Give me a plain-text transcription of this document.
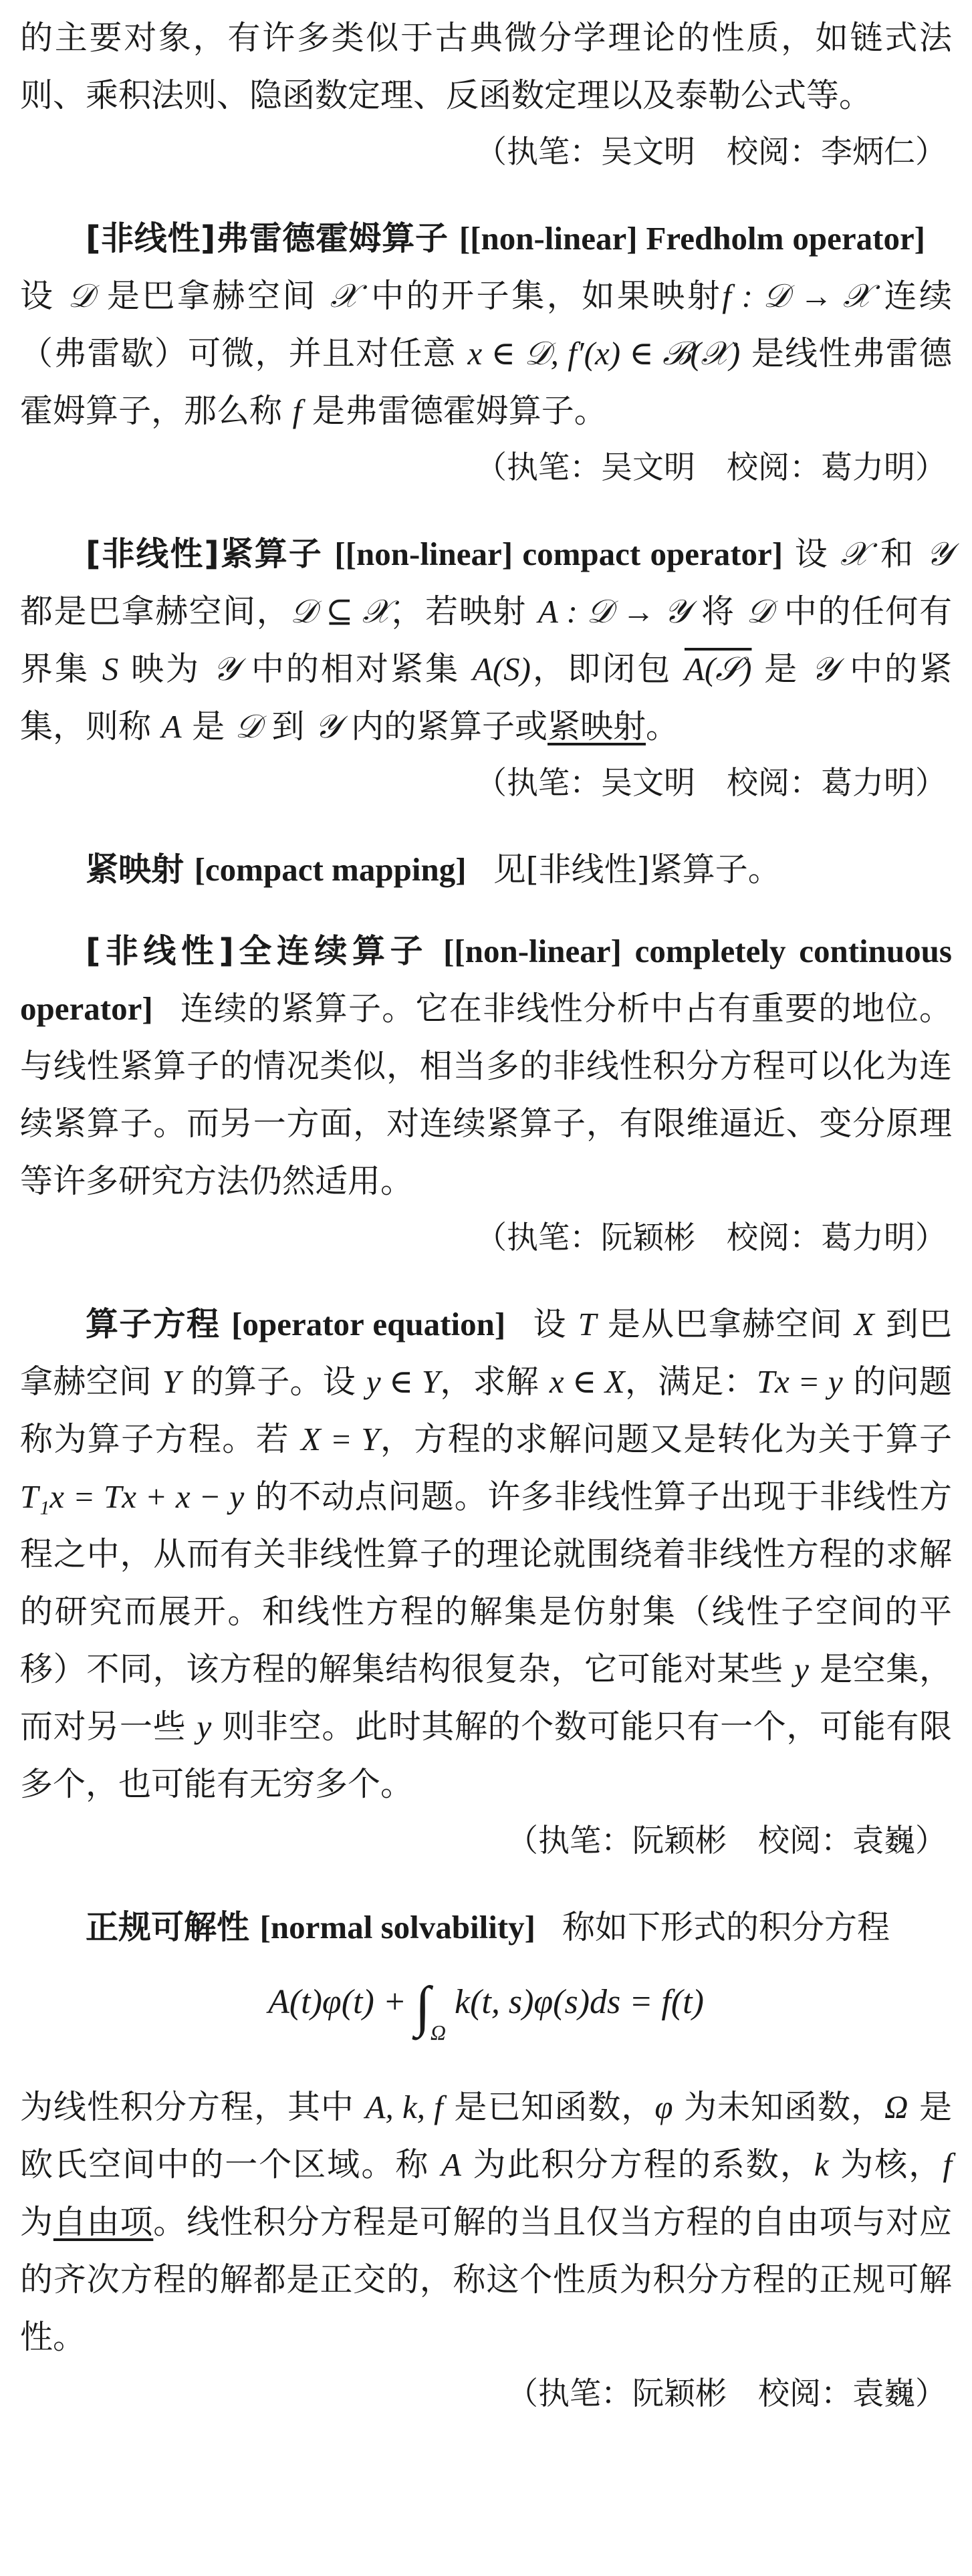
的主要对象，有许多类似于古典微分学理论的性质，如链式法则、乘积法则、隐函数定理、反函数定理以及泰勒公式等。

（执笔：吴文明　校阅：李炳仁）

[非线性]弗雷德霍姆算子 [[non-linear] Fredholm operator]设 𝒟 是巴拿赫空间 𝒳 中的开子集，如果映射f : 𝒟 → 𝒳 连续（弗雷歇）可微，并且对任意 x ∈ 𝒟, f′(x) ∈ ℬ(𝒳) 是线性弗雷德霍姆算子，那么称 f 是弗雷德霍姆算子。

（执笔：吴文明　校阅：葛力明）

[非线性]紧算子 [[non-linear] compact operator] 设 𝒳 和 𝒴 都是巴拿赫空间，𝒟 ⊆ 𝒳，若映射 A : 𝒟 → 𝒴 将 𝒟 中的任何有界集 S 映为 𝒴 中的相对紧集 A(S)，即闭包 A(𝒮) 是 𝒴 中的紧集，则称 A 是 𝒟 到 𝒴 内的紧算子或紧映射。

（执笔：吴文明　校阅：葛力明）

紧映射 [compact mapping] 见[非线性]紧算子。

[非线性]全连续算子 [[non-linear] completely continuous operator] 连续的紧算子。它在非线性分析中占有重要的地位。与线性紧算子的情况类似，相当多的非线性积分方程可以化为连续紧算子。而另一方面，对连续紧算子，有限维逼近、变分原理等许多研究方法仍然适用。

（执笔：阮颖彬　校阅：葛力明）

算子方程 [operator equation] 设 T 是从巴拿赫空间 X 到巴拿赫空间 Y 的算子。设 y ∈ Y，求解 x ∈ X，满足：Tx = y 的问题称为算子方程。若 X = Y，方程的求解问题又是转化为关于算子 T₁x = Tx + x − y 的不动点问题。许多非线性算子出现于非线性方程之中，从而有关非线性算子的理论就围绕着非线性方程的求解的研究而展开。和线性方程的解集是仿射集（线性子空间的平移）不同，该方程的解集结构很复杂，它可能对某些 y 是空集，而对另一些 y 则非空。此时其解的个数可能只有一个，可能有限多个，也可能有无穷多个。

（执笔：阮颖彬　校阅：袁巍）

正规可解性 [normal solvability] 称如下形式的积分方程

$A(t)\varphi(t) + \int_\Omega$ k(t, s)φ(s)ds = f(t)

为线性积分方程，其中 A, k, f 是已知函数，φ 为未知函数，Ω 是欧氏空间中的一个区域。称 A 为此积分方程的系数，k 为核，f 为自由项。线性积分方程是可解的当且仅当方程的自由项与对应的齐次方程的解都是正交的，称这个性质为积分方程的正规可解性。

（执笔：阮颖彬　校阅：袁巍）
